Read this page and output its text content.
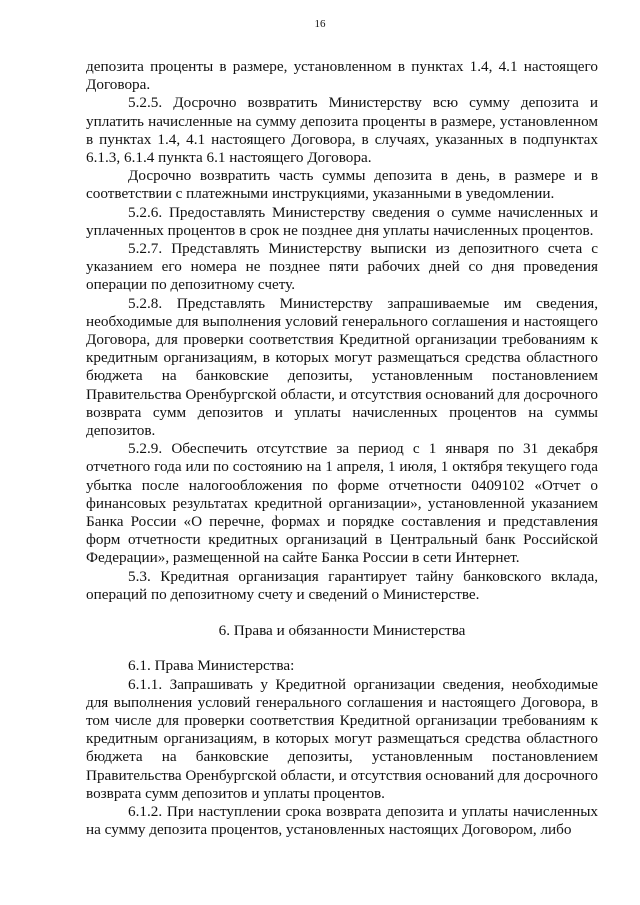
16

депозита проценты в размере, установленном в пунктах 1.4, 4.1 настоящего Договора.

5.2.5. Досрочно возвратить Министерству всю сумму депозита и уплатить начисленные на сумму депозита проценты в размере, установленном в пунктах 1.4, 4.1 настоящего Договора, в случаях, указанных в подпунктах 6.1.3, 6.1.4 пункта 6.1 настоящего Договора.

Досрочно возвратить часть суммы депозита в день, в размере и в соответствии с платежными инструкциями, указанными в уведомлении.

5.2.6. Предоставлять Министерству сведения о сумме начисленных и уплаченных процентов в срок не позднее дня уплаты начисленных процентов.

5.2.7. Представлять Министерству выписки из депозитного счета с указанием его номера не позднее пяти рабочих дней со дня проведения операции по депозитному счету.

5.2.8. Представлять Министерству запрашиваемые им сведения, необходимые для выполнения условий генерального соглашения и настоящего Договора, для проверки соответствия Кредитной организации требованиям к кредитным организациям, в которых могут размещаться средства областного бюджета на банковские депозиты, установленным постановлением Правительства Оренбургской области, и отсутствия оснований для досрочного возврата сумм депозитов и уплаты начисленных процентов на суммы депозитов.

5.2.9. Обеспечить отсутствие за период с 1 января по 31 декабря отчетного года или по состоянию на 1 апреля, 1 июля, 1 октября текущего года убытка после налогообложения по форме отчетности 0409102 «Отчет о финансовых результатах кредитной организации», установленной указанием Банка России «О перечне, формах и порядке составления и представления форм отчетности кредитных организаций в Центральный банк Российской Федерации», размещенной на сайте Банка России в сети Интернет.

5.3. Кредитная организация гарантирует тайну банковского вклада, операций по депозитному счету и сведений о Министерстве.

6. Права и обязанности Министерства

6.1. Права Министерства:

6.1.1. Запрашивать у Кредитной организации сведения, необходимые для выполнения условий генерального соглашения и настоящего Договора, в том числе для проверки соответствия Кредитной организации требованиям к кредитным организациям, в которых могут размещаться средства областного бюджета на банковские депозиты, установленным постановлением Правительства Оренбургской области, и отсутствия оснований для досрочного возврата сумм депозитов и уплаты процентов.

6.1.2. При наступлении срока возврата депозита и уплаты начисленных на сумму депозита процентов, установленных настоящих Договором, либо
